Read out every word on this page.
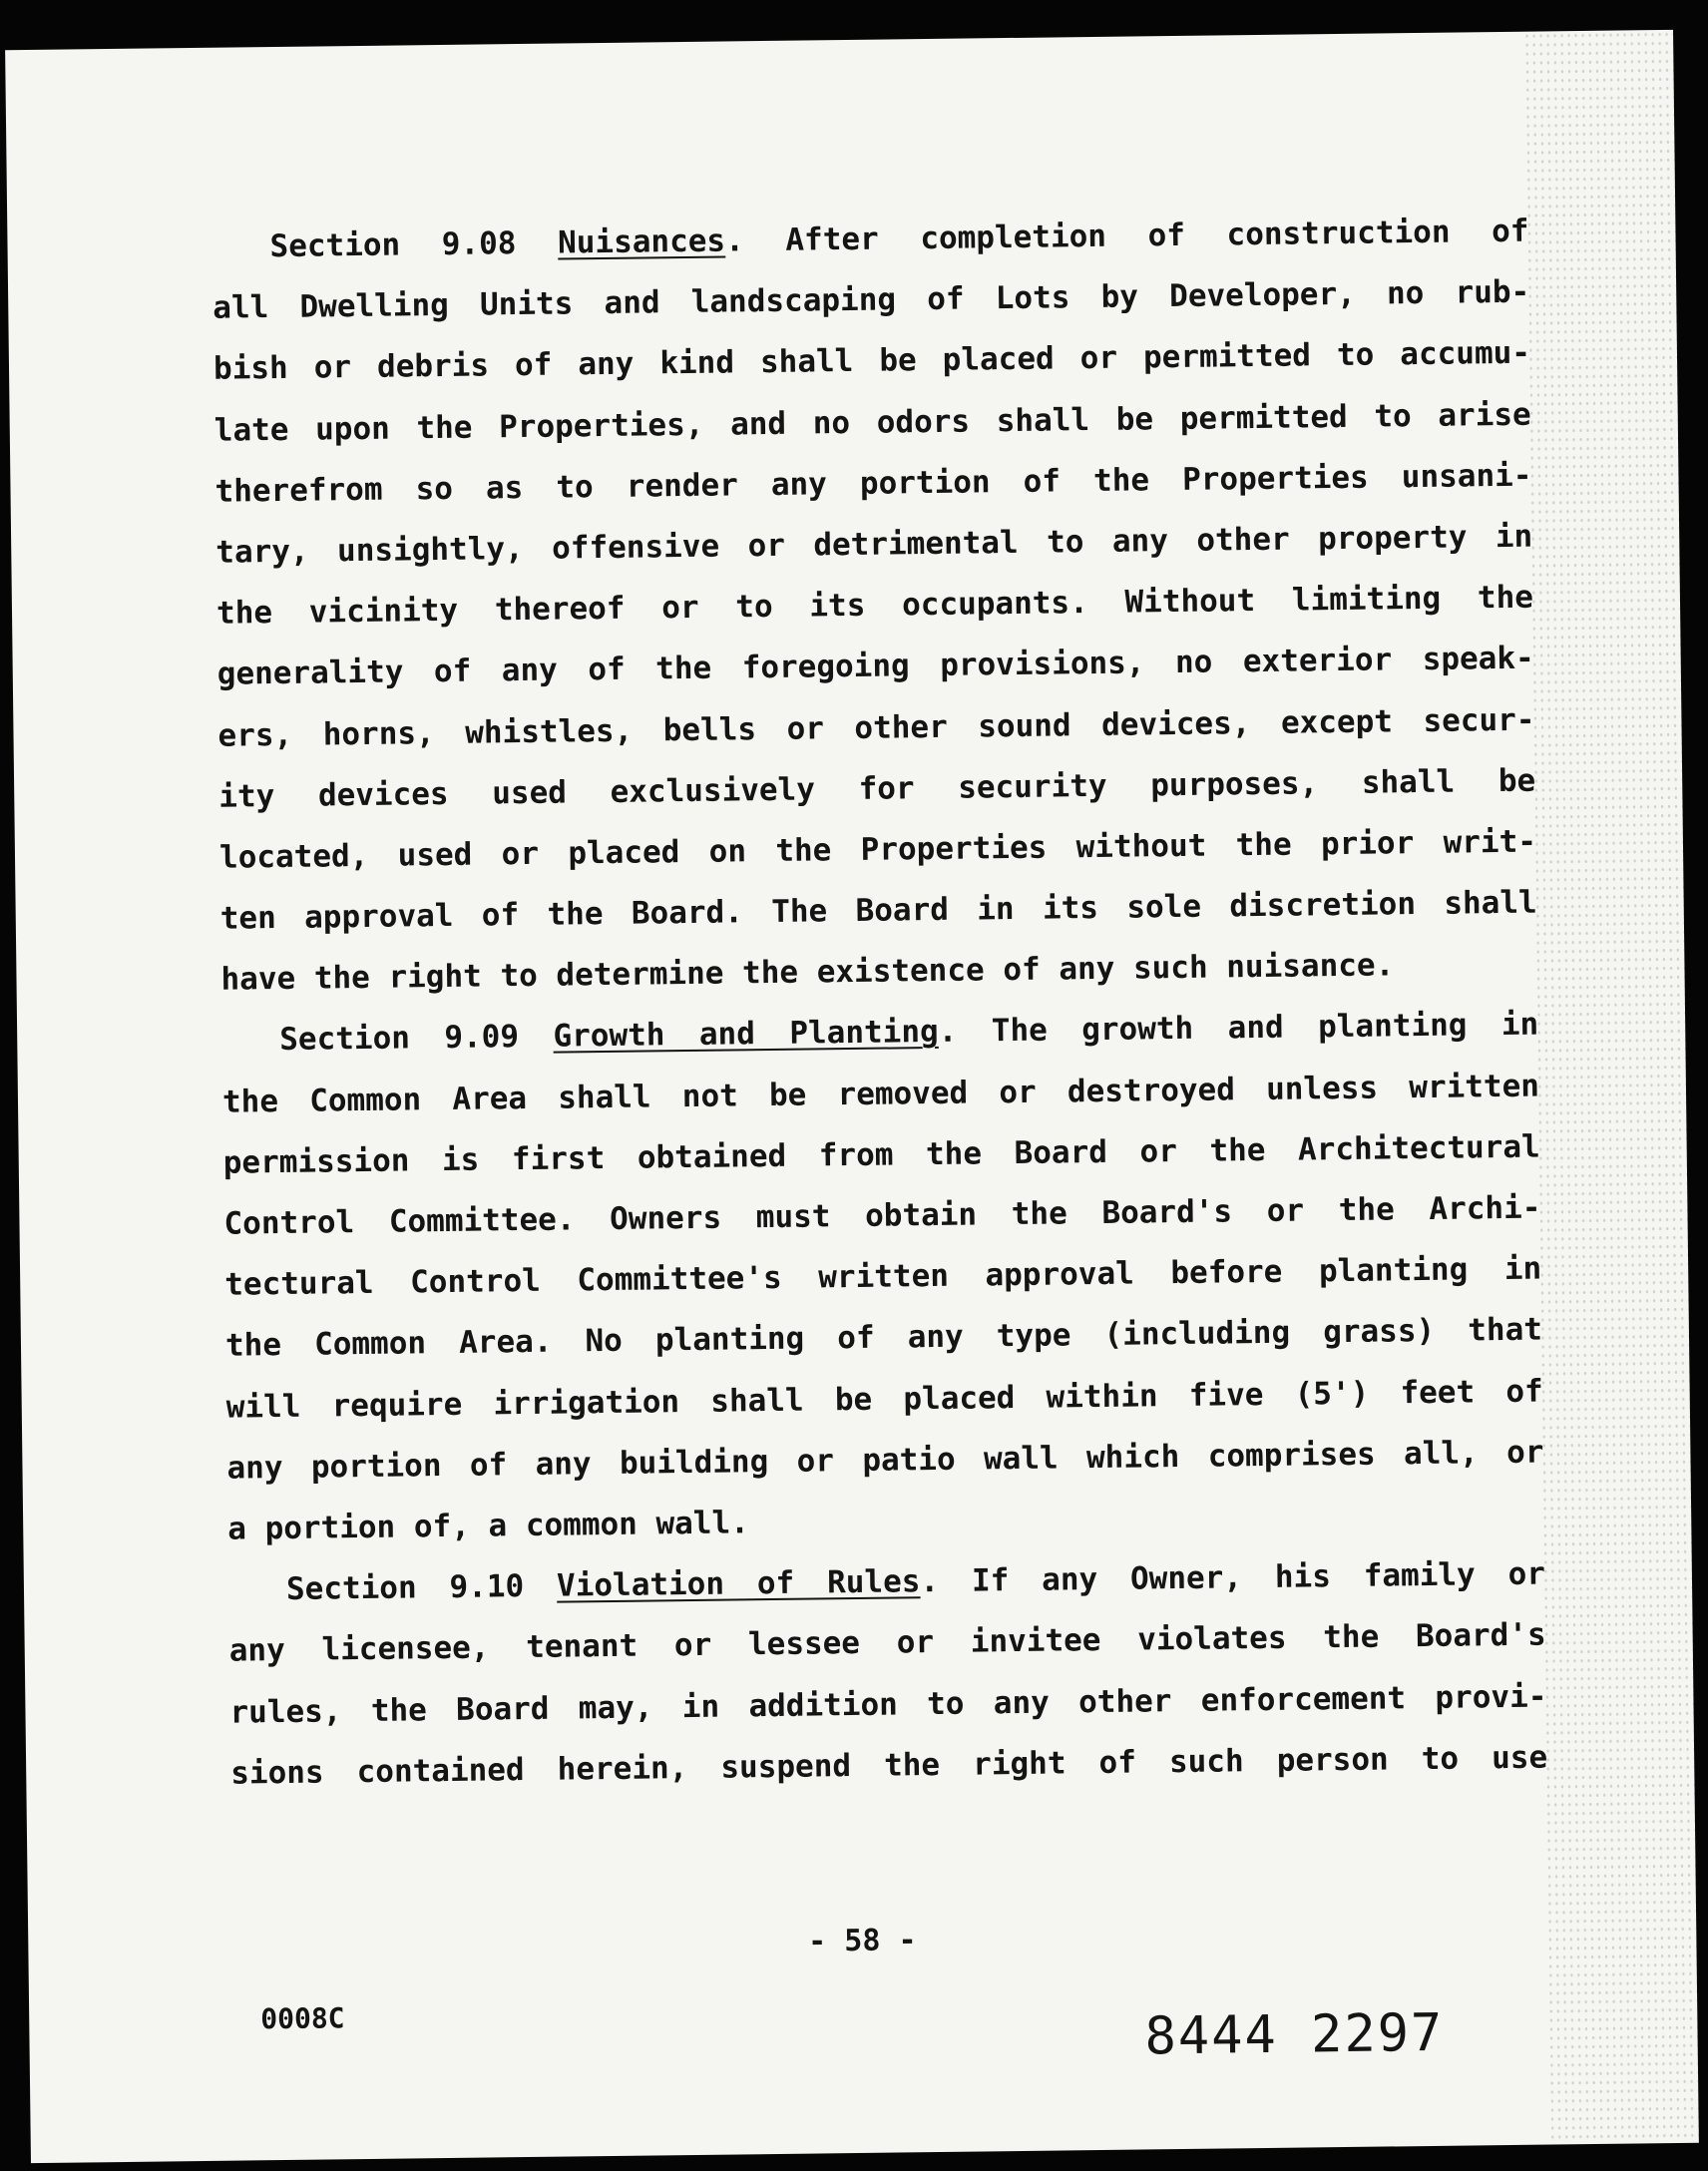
Section 9.08 Nuisances. After completion of construction of
all Dwelling Units and landscaping of Lots by Developer, no rub-
bish or debris of any kind shall be placed or permitted to accumu-
late upon the Properties, and no odors shall be permitted to arise
therefrom so as to render any portion of the Properties unsani-
tary, unsightly, offensive or detrimental to any other property in
the vicinity thereof or to its occupants. Without limiting the
generality of any of the foregoing provisions, no exterior speak-
ers, horns, whistles, bells or other sound devices, except secur-
ity devices used exclusively for security purposes, shall be
located, used or placed on the Properties without the prior writ-
ten approval of the Board. The Board in its sole discretion shall
have the right to determine the existence of any such nuisance.
Section 9.09 Growth and Planting. The growth and planting in
the Common Area shall not be removed or destroyed unless written
permission is first obtained from the Board or the Architectural
Control Committee. Owners must obtain the Board's or the Archi-
tectural Control Committee's written approval before planting in
the Common Area. No planting of any type (including grass) that
will require irrigation shall be placed within five (5') feet of
any portion of any building or patio wall which comprises all, or
a portion of, a common wall.
Section 9.10 Violation of Rules. If any Owner, his family or
any licensee, tenant or lessee or invitee violates the Board's
rules, the Board may, in addition to any other enforcement provi-
sions contained herein, suspend the right of such person to use
- 58 -
0008C	8444 2297
